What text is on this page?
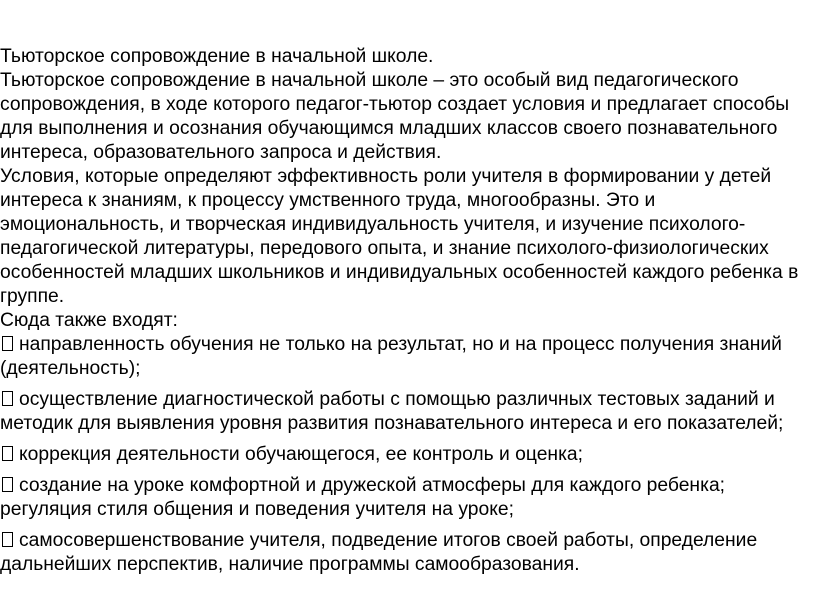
Тьюторское сопровождение в начальной школе.

Тьюторское сопровождение в начальной школе – это особый вид педагогического сопровождения, в ходе которого педагог-тьютор создает условия и предлагает способы для выполнения и осознания обучающимся младших классов своего познавательного интереса, образовательного запроса и действия.

Условия, которые определяют эффективность роли учителя в формировании у детей интереса к знаниям, к процессу умственного труда, многообразны. Это и эмоциональность, и творческая индивидуальность учителя, и изучение психолого-педагогической литературы, передового опыта, и знание психолого-физиологических особенностей младших школьников и индивидуальных особенностей каждого ребенка в группе.

Сюда также входят:

направленность обучения не только на результат, но и на процесс получения знаний (деятельность);
осуществление диагностической работы с помощью различных тестовых заданий и методик для выявления уровня развития познавательного интереса и его показателей;
коррекция деятельности обучающегося, ее контроль и оценка;
создание на уроке комфортной и дружеской атмосферы для каждого ребенка; регуляция стиля общения и поведения учителя на уроке;
самосовершенствование учителя, подведение итогов своей работы, определение дальнейших перспектив, наличие программы самообразования.
